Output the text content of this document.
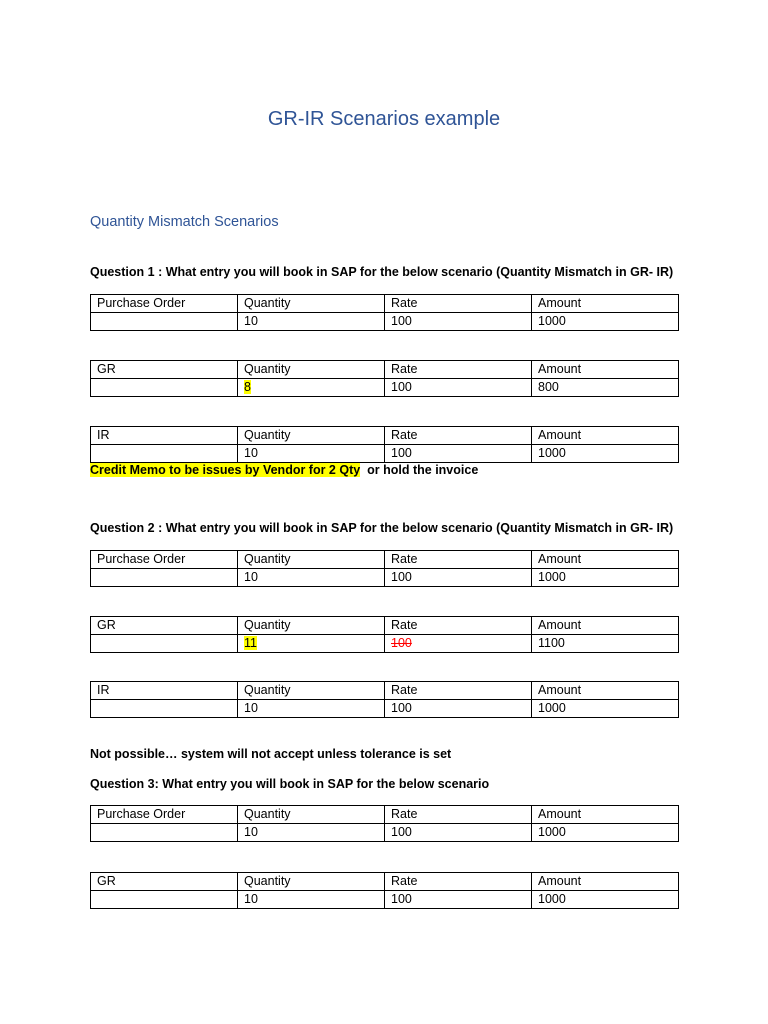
GR-IR Scenarios example
Quantity Mismatch Scenarios
Question 1 : What entry you will book in SAP for the below scenario (Quantity Mismatch in GR- IR)
Purchase Order	Quantity	Rate	Amount
	10	100	1000
GR	Quantity	Rate	Amount
	8	100	800
IR	Quantity	Rate	Amount
	10	100	1000
Credit Memo to be issues by Vendor for 2 Qty  or hold the invoice
Question 2 : What entry you will book in SAP for the below scenario (Quantity Mismatch in GR- IR)
Purchase Order	Quantity	Rate	Amount
	10	100	1000
GR	Quantity	Rate	Amount
	11	100	1100
IR	Quantity	Rate	Amount
	10	100	1000
Not possible… system will not accept unless tolerance is set
Question 3: What entry you will book in SAP for the below scenario
Purchase Order	Quantity	Rate	Amount
	10	100	1000
GR	Quantity	Rate	Amount
	10	100	1000
